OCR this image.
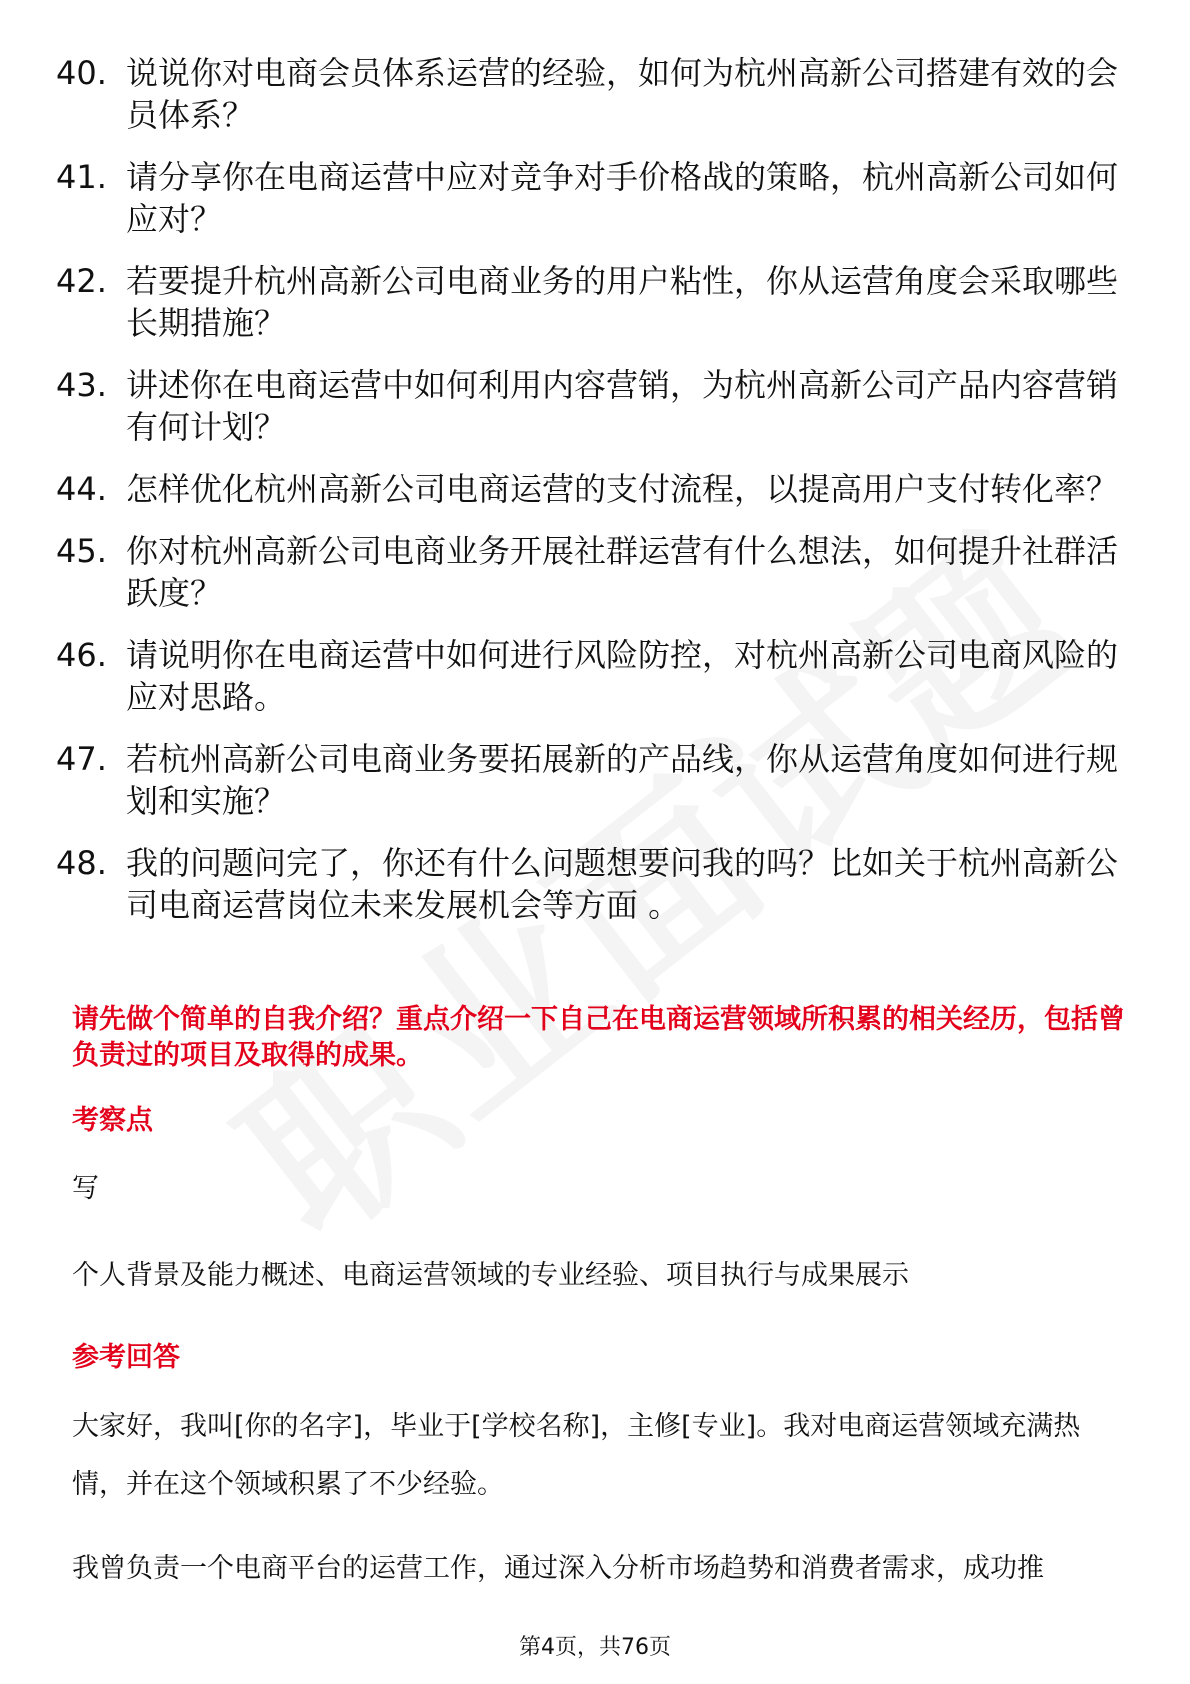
40. 说说你对电商会员体系运营的经验，如何为杭州高新公司搭建有效的会员体系？
41. 请分享你在电商运营中应对竞争对手价格战的策略，杭州高新公司如何应对？
42. 若要提升杭州高新公司电商业务的用户粘性，你从运营角度会采取哪些长期措施？
43. 讲述你在电商运营中如何利用内容营销，为杭州高新公司产品内容营销有何计划？
44. 怎样优化杭州高新公司电商运营的支付流程，以提高用户支付转化率？
45. 你对杭州高新公司电商业务开展社群运营有什么想法，如何提升社群活跃度？
46. 请说明你在电商运营中如何进行风险防控，对杭州高新公司电商风险的应对思路。
47. 若杭州高新公司电商业务要拓展新的产品线，你从运营角度如何进行规划和实施？
48. 我的问题问完了，你还有什么问题想要问我的吗？比如关于杭州高新公司电商运营岗位未来发展机会等方面 。
请先做个简单的自我介绍？重点介绍一下自己在电商运营领域所积累的相关经历，包括曾负责过的项目及取得的成果。
考察点
写
个人背景及能力概述、电商运营领域的专业经验、项目执行与成果展示
参考回答
大家好，我叫[你的名字]，毕业于[学校名称]，主修[专业]。我对电商运营领域充满热情，并在这个领域积累了不少经验。
我曾负责一个电商平台的运营工作，通过深入分析市场趋势和消费者需求，成功推
第4页，共76页
